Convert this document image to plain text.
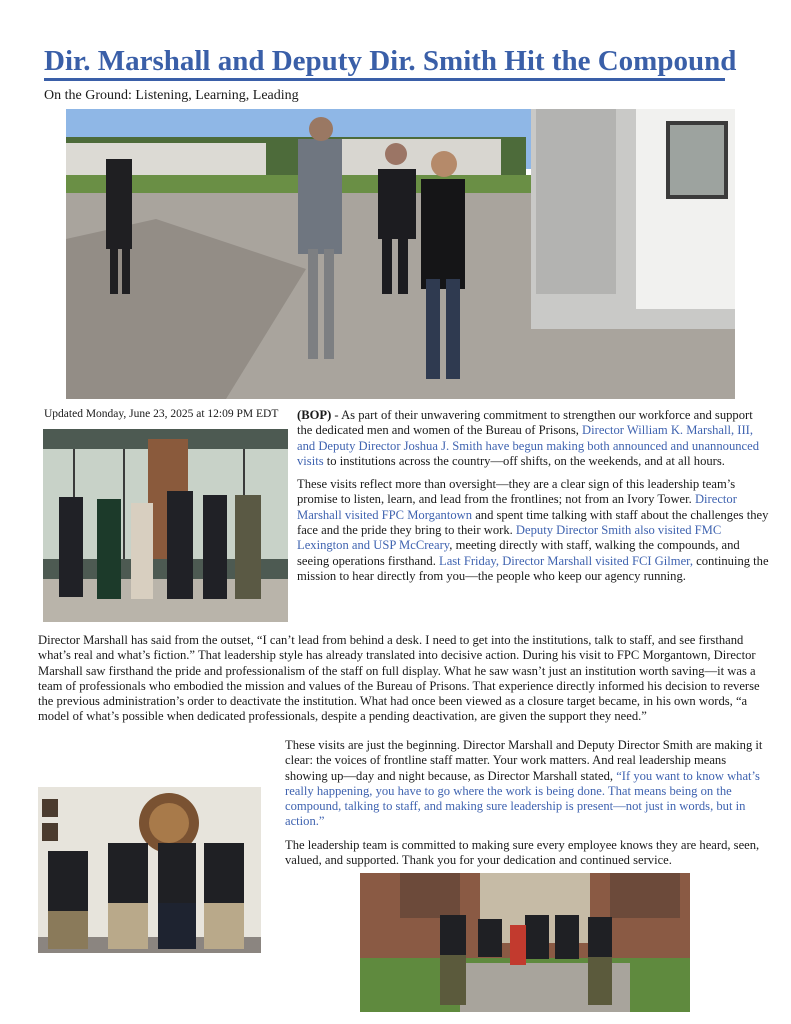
Dir. Marshall and Deputy Dir. Smith Hit the Compound
On the Ground: Listening, Learning, Leading
Updated Monday, June 23, 2025 at 12:09 PM EDT (BOP) - As part of their unwavering commitment to strengthen our workforce and support the dedicated men and women of the Bureau of Prisons, Director William K. Marshall, III, and Deputy Director Joshua J. Smith have begun making both announced and unannounced visits to institutions across the country—off shifts, on the weekends, and at all hours.

These visits reflect more than oversight—they are a clear sign of this leadership team’s promise to listen, learn, and lead from the frontlines; not from an Ivory Tower. Director Marshall visited FPC Morgantown and spent time talking with staff about the challenges they face and the pride they bring to their work. Deputy Director Smith also visited FMC Lexington and USP McCreary, meeting directly with staff, walking the compounds, and seeing operations firsthand. Last Friday, Director Marshall visited FCI Gilmer, continuing the mission to hear directly from you—the people who keep our agency running.

Director Marshall has said from the outset, “I can’t lead from behind a desk. I need to get into the institutions, talk to staff, and see firsthand what’s real and what’s fiction.” That leadership style has already translated into decisive action. During his visit to FPC Morgantown, Director Marshall saw firsthand the pride and professionalism of the staff on full display. What he saw wasn’t just an institution worth saving—it was a team of professionals who embodied the mission and values of the Bureau of Prisons. That experience directly informed his decision to reverse the previous administration’s order to deactivate the institution. What had once been viewed as a closure target became, in his own words, “a model of what’s possible when dedicated professionals, despite a pending deactivation, are given the support they need.”

These visits are just the beginning. Director Marshall and Deputy Director Smith are making it clear: the voices of frontline staff matter. Your work matters. And real leadership means showing up—day and night because, as Director Marshall stated, “If you want to know what’s really happening, you have to go where the work is being done. That means being on the compound, talking to staff, and making sure leadership is present—not just in words, but in action.”

The leadership team is committed to making sure every employee knows they are heard, seen, valued, and supported. Thank you for your dedication and continued service.
